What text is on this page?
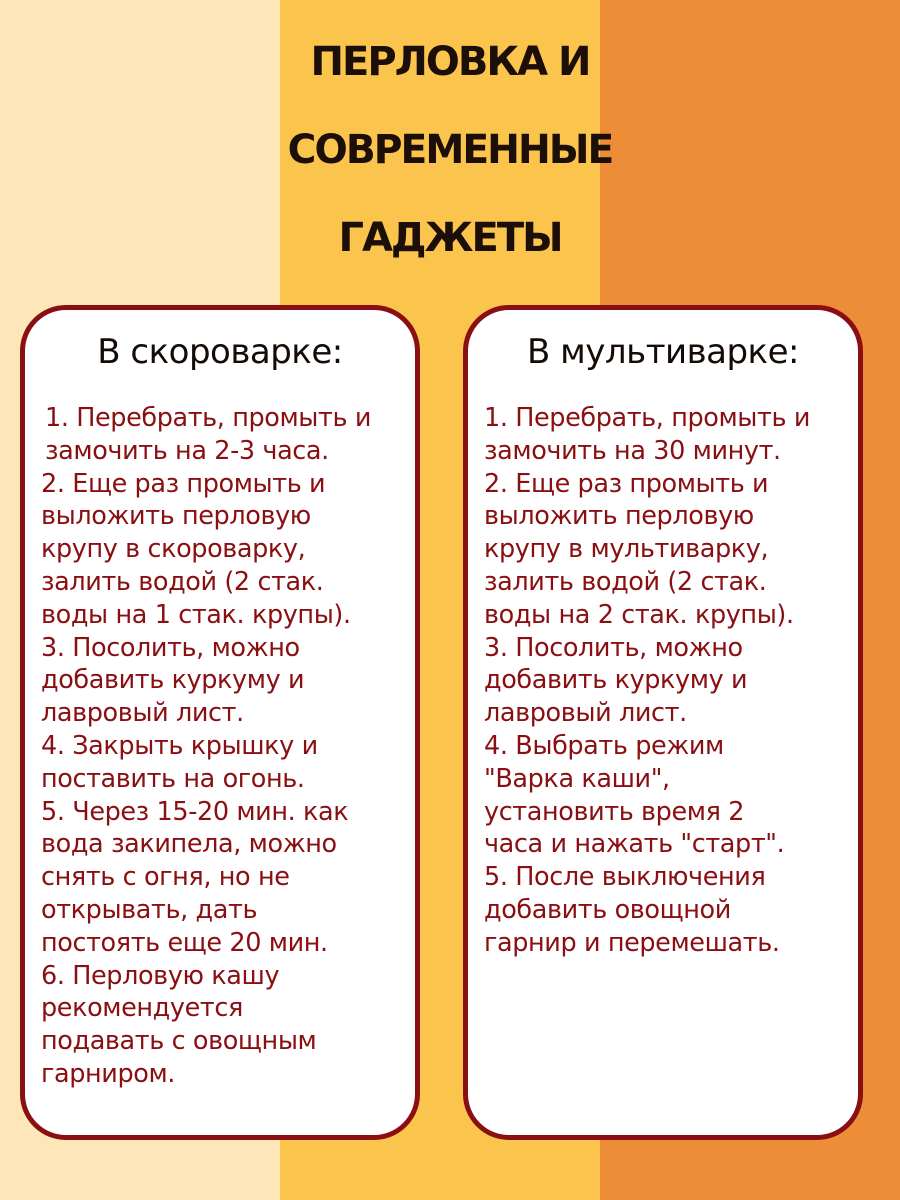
ПЕРЛОВКА И
СОВРЕМЕННЫЕ
ГАДЖЕТЫ
В скороварке:
1. Перебрать, промыть и
замочить на 2-3 часа.
2. Еще раз промыть и
выложить перловую
крупу в скороварку,
залить водой (2 стак.
воды на 1 стак. крупы).
3. Посолить, можно
добавить куркуму и
лавровый лист.
4. Закрыть крышку и
поставить на огонь.
5. Через 15-20 мин. как
вода закипела, можно
снять с огня, но не
открывать, дать
постоять еще 20 мин.
6. Перловую кашу
рекомендуется
подавать с овощным
гарниром.
В мультиварке:
1. Перебрать, промыть и
замочить на 30 минут.
2. Еще раз промыть и
выложить перловую
крупу в мультиварку,
залить водой (2 стак.
воды на 2 стак. крупы).
3. Посолить, можно
добавить куркуму и
лавровый лист.
4. Выбрать режим
"Варка каши",
установить время 2
часа и нажать "старт".
5. После выключения
добавить овощной
гарнир и перемешать.
